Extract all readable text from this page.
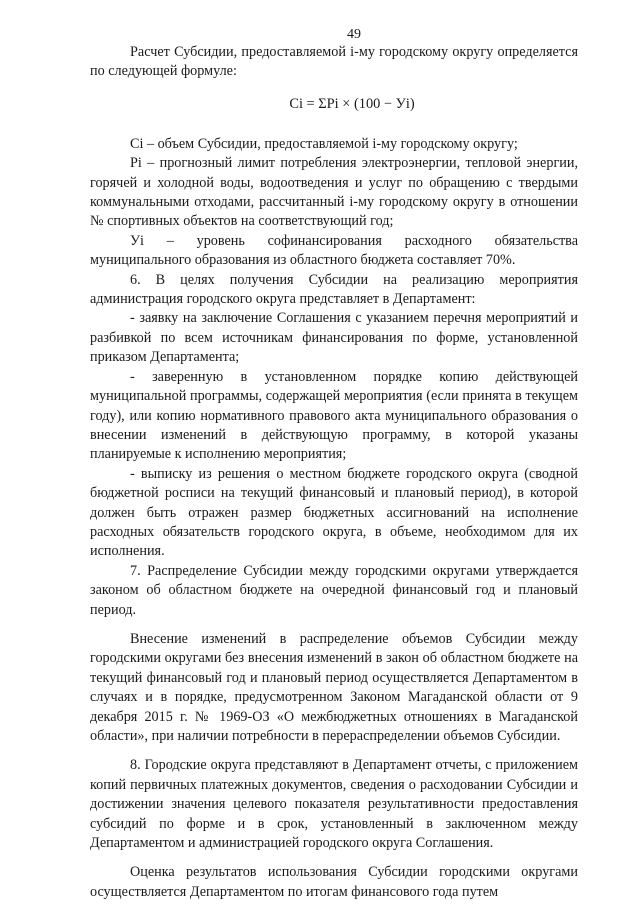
49

Расчет Субсидии, предоставляемой i-му городскому округу определяется по следующей формуле:

Ci = ΣPi × (100 − Уi)

Ci – объем Субсидии, предоставляемой i-му городскому округу;

Pi – прогнозный лимит потребления электроэнергии, тепловой энергии, горячей и холодной воды, водоотведения и услуг по обращению с твердыми коммунальными отходами, рассчитанный i-му городскому округу в отношении № спортивных объектов на соответствующий год;

Уi – уровень софинансирования расходного обязательства муниципального образования из областного бюджета составляет 70%.

6. В целях получения Субсидии на реализацию мероприятия администрация городского округа представляет в Департамент:

- заявку на заключение Соглашения с указанием перечня мероприятий и разбивкой по всем источникам финансирования по форме, установленной приказом Департамента;

- заверенную в установленном порядке копию действующей муниципальной программы, содержащей мероприятия (если принята в текущем году), или копию нормативного правового акта муниципального образования о внесении изменений в действующую программу, в которой указаны планируемые к исполнению мероприятия;

- выписку из решения о местном бюджете городского округа (сводной бюджетной росписи на текущий финансовый и плановый период), в которой должен быть отражен размер бюджетных ассигнований на исполнение расходных обязательств городского округа, в объеме, необходимом для их исполнения.

7. Распределение Субсидии между городскими округами утверждается законом об областном бюджете на очередной финансовый год и плановый период.

Внесение изменений в распределение объемов Субсидии между городскими округами без внесения изменений в закон об областном бюджете на текущий финансовый год и плановый период осуществляется Департаментом в случаях и в порядке, предусмотренном Законом Магаданской области от 9 декабря 2015 г. № 1969-ОЗ «О межбюджетных отношениях в Магаданской области», при наличии потребности в перераспределении объемов Субсидии.

8. Городские округа представляют в Департамент отчеты, с приложением копий первичных платежных документов, сведения о расходовании Субсидии и достижении значения целевого показателя результативности предоставления субсидий по форме и в срок, установленный в заключенном между Департаментом и администрацией городского округа Соглашения.

Оценка результатов использования Субсидии городскими округами осуществляется Департаментом по итогам финансового года путем
